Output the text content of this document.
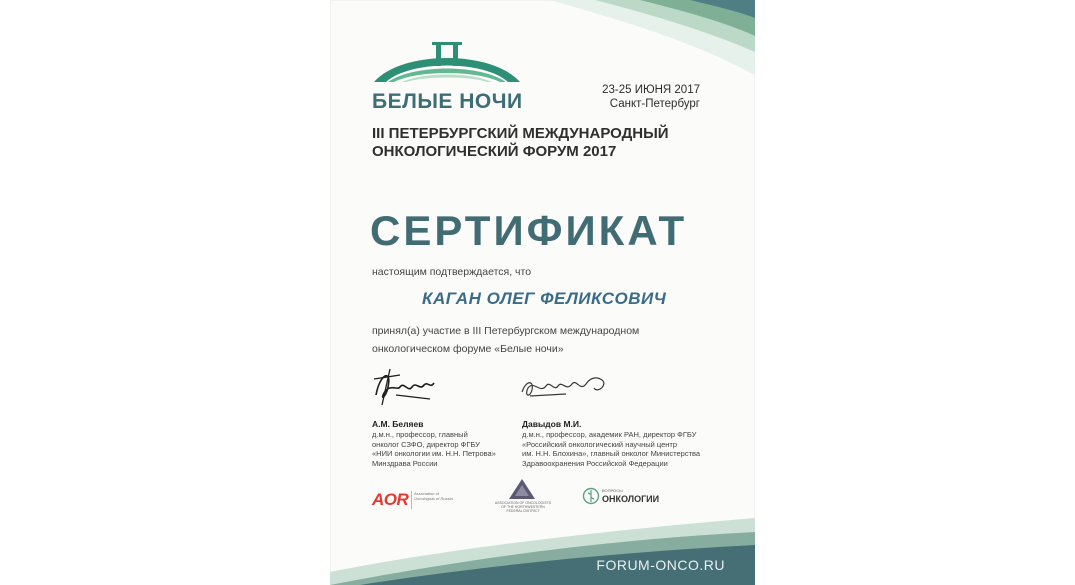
БЕЛЫЕ НОЧИ	23-25 ИЮНЯ 2017
Санкт-Петербург
III ПЕТЕРБУРГСКИЙ МЕЖДУНАРОДНЫЙ
ОНКОЛОГИЧЕСКИЙ ФОРУМ 2017
СЕРТИФИКАТ
настоящим подтверждается, что
КАГАН ОЛЕГ ФЕЛИКСОВИЧ
принял(а) участие в III Петербургском международном
онкологическом форуме «Белые ночи»
А.М. Беляев
д.м.н., профессор, главный
онколог СЗФО, директор ФГБУ
«НИИ онкологии им. Н.Н. Петрова»
Минздрава России
Давыдов М.И.
д.м.н., профессор, академик РАН, директор ФГБУ
«Российский онкологический научный центр
им. Н.Н. Блохина», главный онколог Министерства
Здравоохранения Российской Федерации
AOR Association of Oncologists of Russia
ASSOCIATION OF ONCOLOGISTS OF THE NORTHWESTERN FEDERAL DISTRICT
ВОПРОСЫ
ОНКОЛОГИИ
FORUM-ONCO.RU
